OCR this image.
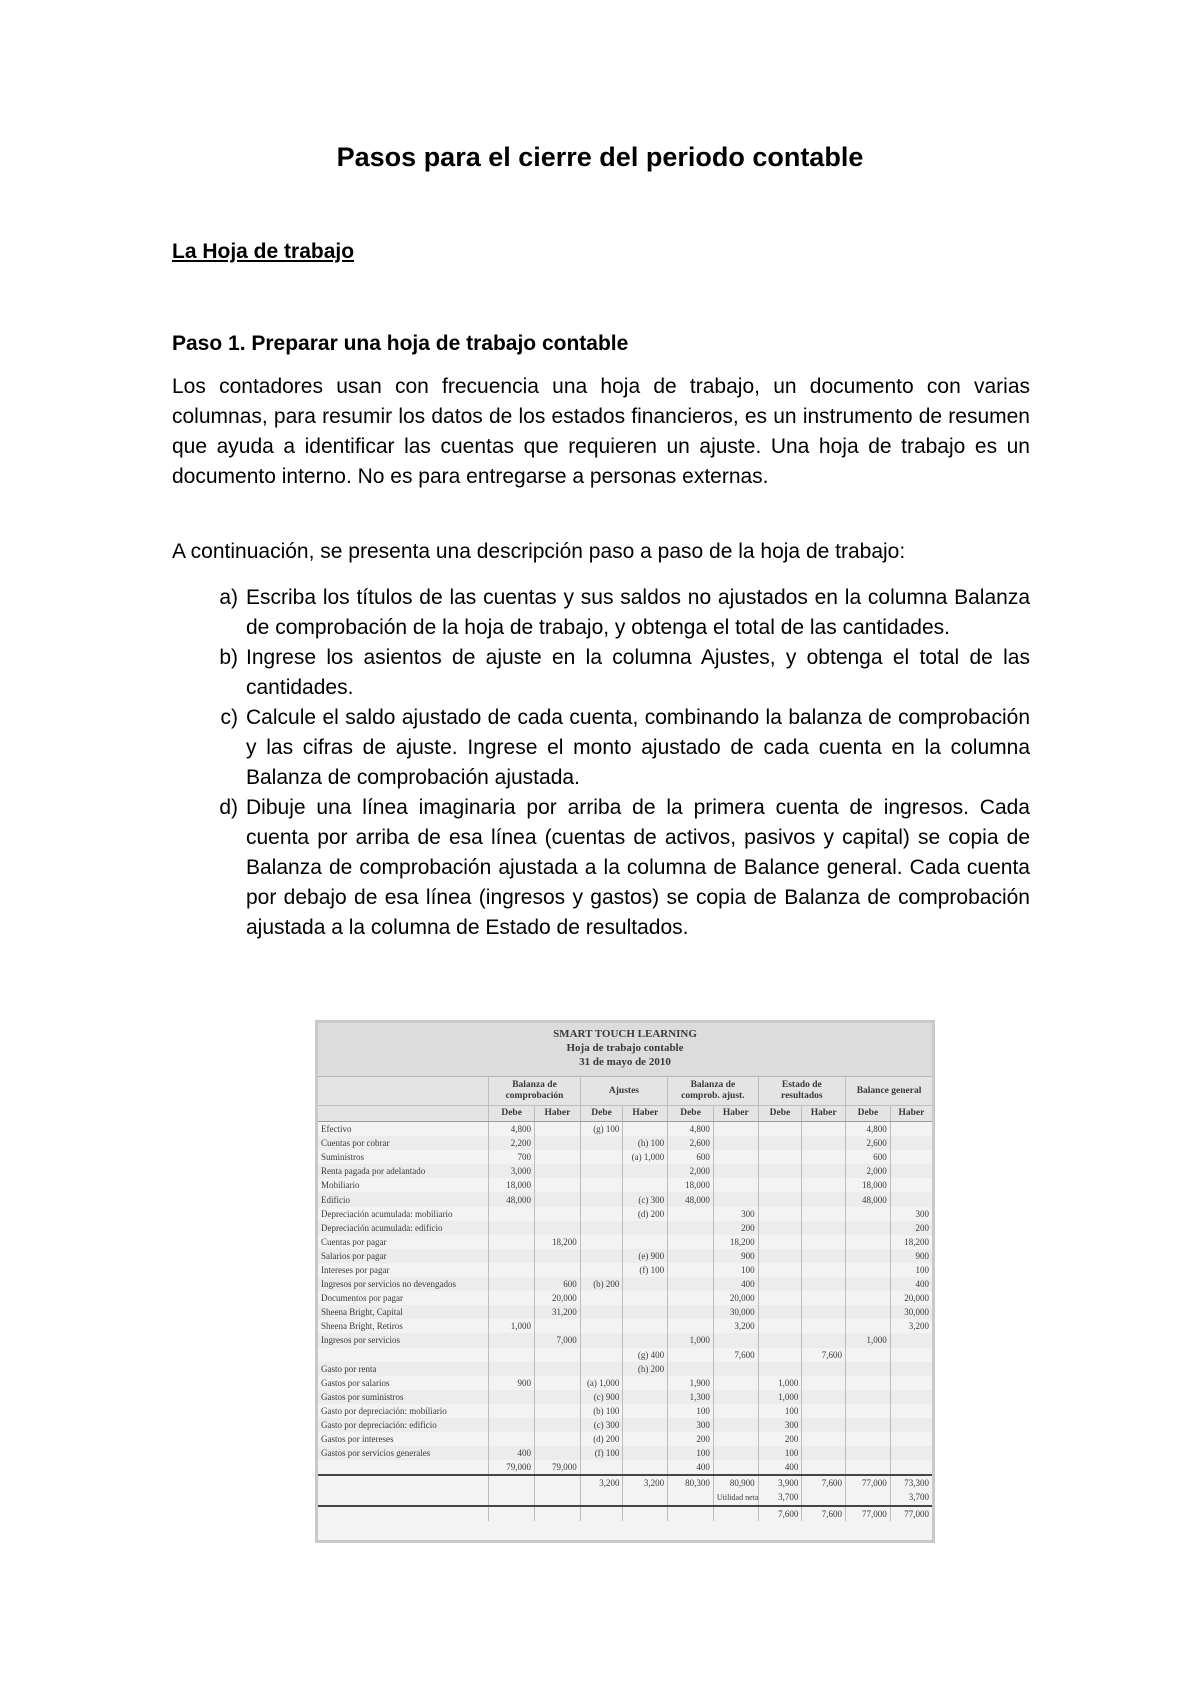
Pasos para el cierre del periodo contable
La Hoja de trabajo
Paso 1. Preparar una hoja de trabajo contable
Los contadores usan con frecuencia una hoja de trabajo, un documento con varias columnas, para resumir los datos de los estados financieros, es un instrumento de resumen que ayuda a identificar las cuentas que requieren un ajuste. Una hoja de trabajo es un documento interno. No es para entregarse a personas externas.
A continuación, se presenta una descripción paso a paso de la hoja de trabajo:
a) Escriba los títulos de las cuentas y sus saldos no ajustados en la columna Balanza de comprobación de la hoja de trabajo, y obtenga el total de las cantidades.
b) Ingrese los asientos de ajuste en la columna Ajustes, y obtenga el total de las cantidades.
c) Calcule el saldo ajustado de cada cuenta, combinando la balanza de comprobación y las cifras de ajuste. Ingrese el monto ajustado de cada cuenta en la columna Balanza de comprobación ajustada.
d) Dibuje una línea imaginaria por arriba de la primera cuenta de ingresos. Cada cuenta por arriba de esa línea (cuentas de activos, pasivos y capital) se copia de Balanza de comprobación ajustada a la columna de Balance general. Cada cuenta por debajo de esa línea (ingresos y gastos) se copia de Balanza de comprobación ajustada a la columna de Estado de resultados.
SMART TOUCH LEARNING
Hoja de trabajo contable
31 de mayo de 2010
	Balanza de comprobación		Ajustes		Balanza de comprob. ajust.		Estado de resultados		Balance general	
	Debe	Haber	Debe	Haber	Debe	Haber	Debe	Haber	Debe	Haber
Efectivo	4,800		(g) 100		4,800				4,800	
Cuentas por cobrar	2,200			(h) 100	2,600				2,600	
Suministros	700			(a) 1,000	600				600	
Renta pagada por adelantado	3,000				2,000				2,000	
Mobiliario	18,000				18,000				18,000	
Edificio	48,000			(c) 300	48,000				48,000	
Depreciación acumulada: mobiliario				(d) 200		300				300
Depreciación acumulada: edificio						200				200
Cuentas por pagar		18,200				18,200				18,200
Salarios por pagar				(e) 900		900				900
Intereses por pagar				(f) 100		100				100
Ingresos por servicios no devengados		600	(b) 200			400				400
Documentos por pagar		20,000				20,000				20,000
Sheena Bright, Capital		31,200				30,000				30,000
Sheena Bright, Retiros	1,000					3,200				3,200
Ingresos por servicios		7,000			1,000				1,000	
				(g) 400		7,600		7,600		
Gasto por renta				(h) 200						
Gastos por salarios	900		(a) 1,000		1,900		1,000			
Gastos por suministros			(c) 900		1,300		1,000			
Gasto por depreciación: mobiliario			(b) 100		100		100			
Gasto por depreciación: edificio			(c) 300		300		300			
Gastos por intereses			(d) 200		200		200			
Gastos por servicios generales	400		(f) 100		100		100			
	79,000	79,000			400		400			
			3,200	3,200	80,300	80,900	3,900	7,600	77,000	73,300
						Utilidad neta	3,700			3,700
							7,600	7,600	77,000	77,000
